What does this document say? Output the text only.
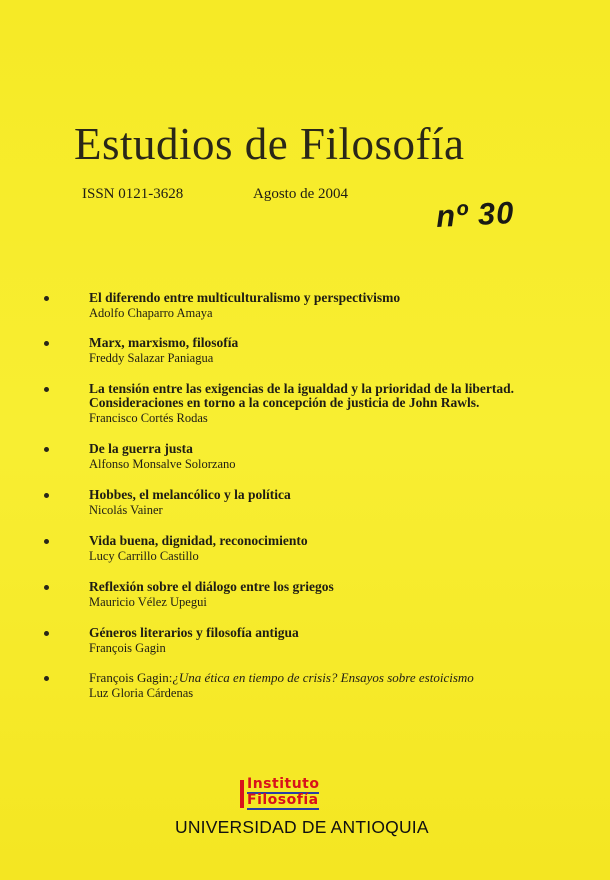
Estudios de Filosofía
ISSN 0121-3628	Agosto de 2004
nº 30
El diferendo entre multiculturalismo y perspectivismo
Adolfo Chaparro Amaya
Marx, marxismo, filosofía
Freddy Salazar Paniagua
La tensión entre las exigencias de la igualdad y la prioridad de la libertad. Consideraciones en torno a la concepción de justicia de John Rawls.
Francisco Cortés Rodas
De la guerra justa
Alfonso Monsalve Solorzano
Hobbes, el melancólico y la política
Nicolás Vainer
Vida buena, dignidad, reconocimiento
Lucy Carrillo Castillo
Reflexión sobre el diálogo entre los griegos
Mauricio Vélez Upegui
Géneros literarios y filosofía antigua
François Gagin
François Gagin:¿Una ética en tiempo de crisis? Ensayos sobre estoicismo
Luz Gloria Cárdenas
Instituto
Filosofía
UNIVERSIDAD DE ANTIOQUIA
